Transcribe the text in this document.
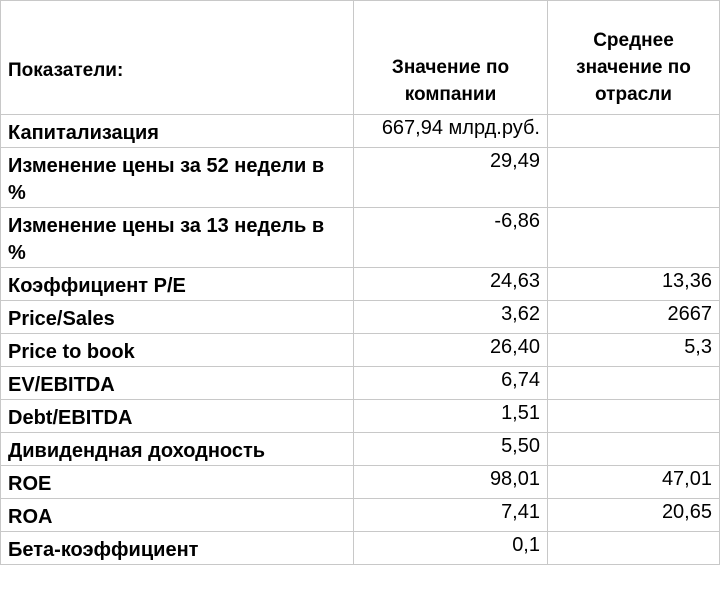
Показатели:	Значение по компании	Среднее значение по отрасли
Капитализация	667,94 млрд.руб.	
Изменение цены за 52 недели в %	29,49	
Изменение цены за 13 недель в %	-6,86	
Коэффициент P/E	24,63	13,36
Price/Sales	3,62	2667
Price to book	26,40	5,3
EV/EBITDA	6,74	
Debt/EBITDA	1,51	
Дивидендная доходность	5,50	
ROE	98,01	47,01
ROA	7,41	20,65
Бета-коэффициент	0,1	
